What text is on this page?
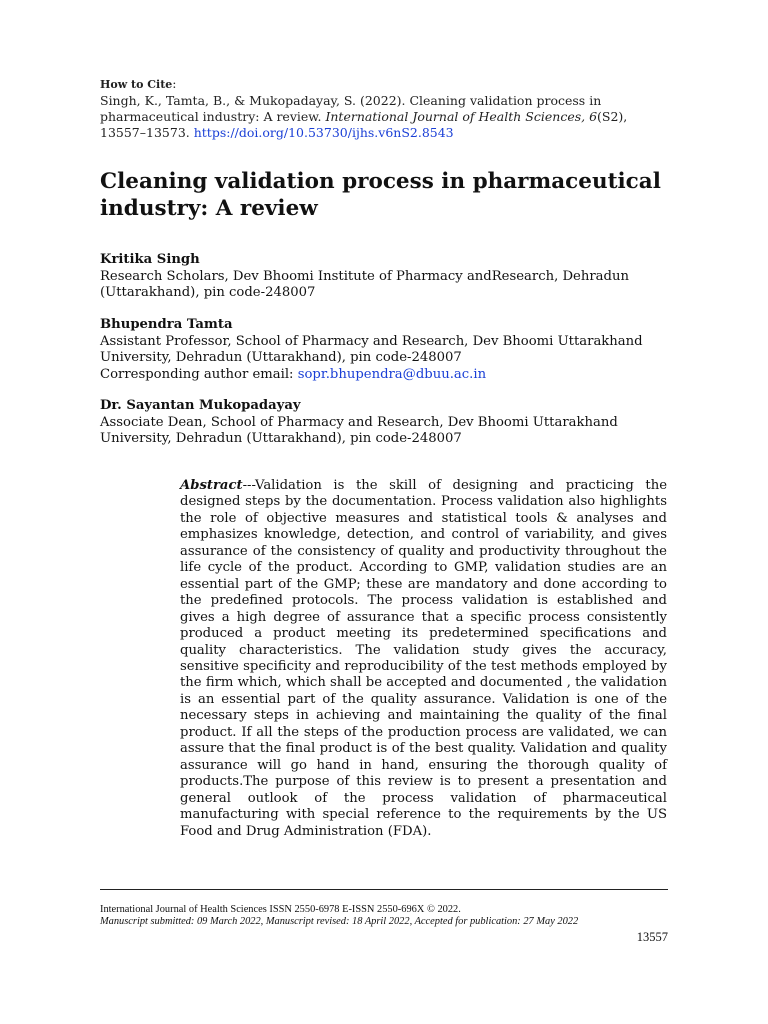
How to Cite:
Singh, K., Tamta, B., & Mukopadayay, S. (2022). Cleaning validation process in pharmaceutical industry: A review. International Journal of Health Sciences, 6(S2), 13557–13573. https://doi.org/10.53730/ijhs.v6nS2.8543
Cleaning validation process in pharmaceutical industry: A review
Kritika Singh
Research Scholars, Dev Bhoomi Institute of Pharmacy andResearch, Dehradun (Uttarakhand), pin code-248007
Bhupendra Tamta
Assistant Professor, School of Pharmacy and Research, Dev Bhoomi Uttarakhand University, Dehradun (Uttarakhand), pin code-248007
Corresponding author email: sopr.bhupendra@dbuu.ac.in
Dr. Sayantan Mukopadayay
Associate Dean, School of Pharmacy and Research, Dev Bhoomi Uttarakhand University, Dehradun (Uttarakhand), pin code-248007
Abstract---Validation is the skill of designing and practicing the designed steps by the documentation. Process validation also highlights the role of objective measures and statistical tools & analyses and emphasizes knowledge, detection, and control of variability, and gives assurance of the consistency of quality and productivity throughout the life cycle of the product. According to GMP, validation studies are an essential part of the GMP; these are mandatory and done according to the predefined protocols. The process validation is established and gives a high degree of assurance that a specific process consistently produced a product meeting its predetermined specifications and quality characteristics. The validation study gives the accuracy, sensitive specificity and reproducibility of the test methods employed by the firm which, which shall be accepted and documented , the validation is an essential part of the quality assurance. Validation is one of the necessary steps in achieving and maintaining the quality of the final product. If all the steps of the production process are validated, we can assure that the final product is of the best quality. Validation and quality assurance will go hand in hand, ensuring the thorough quality of products.The purpose of this review is to present a presentation and general outlook of the process validation of pharmaceutical manufacturing with special reference to the requirements by the US Food and Drug Administration (FDA).
International Journal of Health Sciences ISSN 2550-6978 E-ISSN 2550-696X © 2022.
Manuscript submitted: 09 March 2022, Manuscript revised: 18 April 2022, Accepted for publication: 27 May 2022
13557
